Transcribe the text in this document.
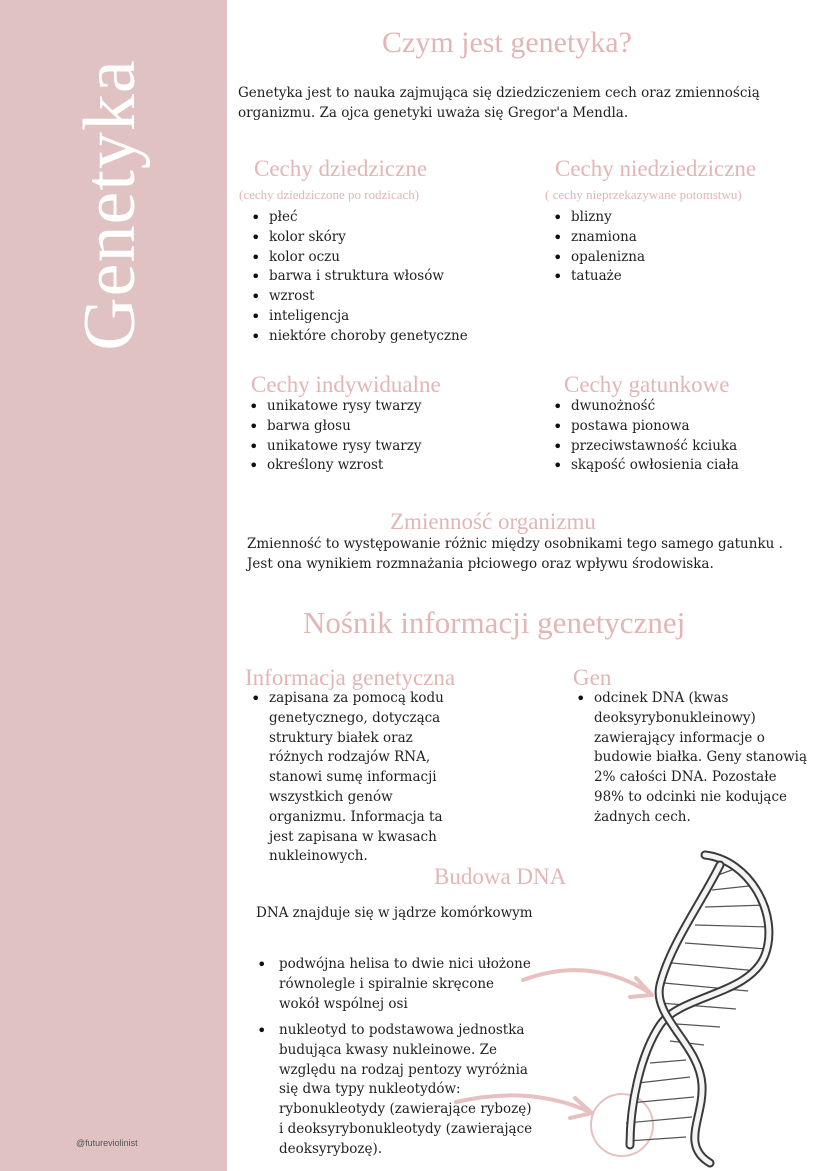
Genetyka
@futureviolinist
Czym jest genetyka?
Genetyka jest to nauka zajmująca się dziedziczeniem cech oraz zmiennością organizmu. Za ojca genetyki uważa się Gregor'a Mendla.
Cechy dziedziczne
(cechy dziedziczone po rodzicach)
• płeć
• kolor skóry
• kolor oczu
• barwa i struktura włosów
• wzrost
• inteligencja
• niektóre choroby genetyczne
Cechy niedziedziczne
( cechy nieprzekazywane potomstwu)
• blizny
• znamiona
• opalenizna
• tatuaże
Cechy indywidualne
• unikatowe rysy twarzy
• barwa głosu
• unikatowe rysy twarzy
• określony wzrost
Cechy gatunkowe
• dwunożność
• postawa pionowa
• przeciwstawność kciuka
• skąpość owłosienia ciała
Zmienność organizmu
Zmienność to występowanie różnic między osobnikami tego samego gatunku . Jest ona wynikiem rozmnażania płciowego oraz wpływu środowiska.
Nośnik informacji genetycznej
Informacja genetyczna
• zapisana za pomocą kodu genetycznego, dotycząca struktury białek oraz różnych rodzajów RNA, stanowi sumę informacji wszystkich genów organizmu. Informacja ta jest zapisana w kwasach nukleinowych.
Gen
• odcinek DNA (kwas deoksyrybonukleinowy) zawierający informacje o budowie białka. Geny stanowią 2% całości DNA. Pozostałe 98% to odcinki nie kodujące żadnych cech.
Budowa DNA
DNA znajduje się w jądrze komórkowym
• podwójna helisa to dwie nici ułożone równolegle i spiralnie skręcone wokół wspólnej osi
• nukleotyd to podstawowa jednostka budująca kwasy nukleinowe. Ze względu na rodzaj pentozy wyróżnia się dwa typy nukleotydów: rybonukleotydy (zawierające rybozę) i deoksyrybonukleotydy (zawierające deoksyrybozę).
